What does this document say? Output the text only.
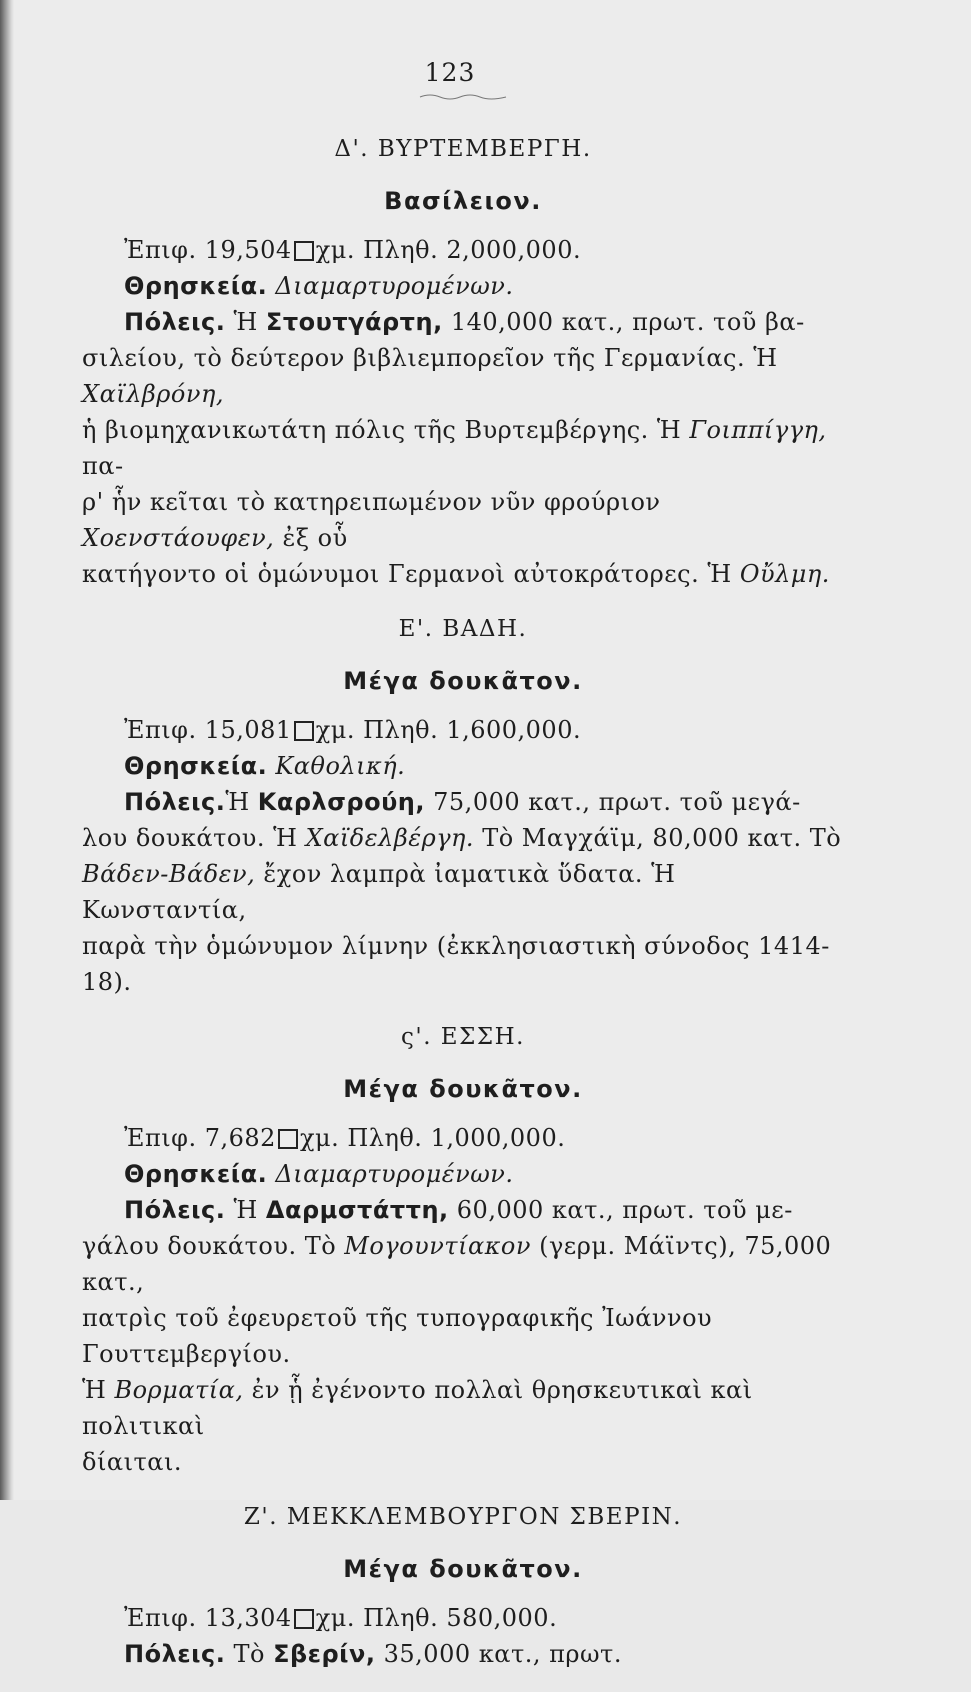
123
Δ'. ΒΥΡΤΕΜΒΕΡΓΗ.
Βασίλειον.

Ἐπιφ. 19,504 χμ. Πληθ. 2,000,000.

Θρησκεία. Διαμαρτυρομένων.

Πόλεις. Ἡ Στουτγάρτη, 140,000 κατ., πρωτ. τοῦ βα-

σιλείου, τὸ δεύτερον βιβλιεμπορεῖον τῆς Γερμανίας. Ἡ Χαϊλβρόνη,

ἡ βιομηχανικωτάτη πόλις τῆς Βυρτεμβέργης. Ἡ Γοιππίγγη, πα-

ρ' ἧν κεῖται τὸ κατηρειπωμένον νῦν φρούριον Χοενστάουφεν, ἐξ οὗ

κατήγοντο οἱ ὁμώνυμοι Γερμανοὶ αὐτοκράτορες. Ἡ Οὔλμη.

Ε'. ΒΑΔΗ.
Μέγα δουκᾶτον.

Ἐπιφ. 15,081 χμ. Πληθ. 1,600,000.

Θρησκεία. Καθολική.

Πόλεις.Ἡ Καρλσρούη, 75,000 κατ., πρωτ. τοῦ μεγά-

λου δουκάτου. Ἡ Χαϊδελβέργη. Τὸ Μαγχάϊμ, 80,000 κατ. Τὸ

Βάδεν-Βάδεν, ἔχον λαμπρὰ ἰαματικὰ ὕδατα. Ἡ Κωνσταντία,

παρὰ τὴν ὁμώνυμον λίμνην (ἐκκλησιαστικὴ σύνοδος 1414-18).

ς'. ΕΣΣΗ.
Μέγα δουκᾶτον.

Ἐπιφ. 7,682 χμ. Πληθ. 1,000,000.

Θρησκεία. Διαμαρτυρομένων.

Πόλεις. Ἡ Δαρμστάττη, 60,000 κατ., πρωτ. τοῦ με-

γάλου δουκάτου. Τὸ Μογουντίακον (γερμ. Μάϊντς), 75,000 κατ.,

πατρὶς τοῦ ἐφευρετοῦ τῆς τυπογραφικῆς Ἰωάννου Γουττεμβεργίου.

Ἡ Βορματία, ἐν ᾗ ἐγένοντο πολλαὶ θρησκευτικαὶ καὶ πολιτικαὶ

δίαιται.

Ζ'. ΜΕΚΚΛΕΜΒΟΥΡΓΟΝ ΣΒΕΡΙΝ.
Μέγα δουκᾶτον.

Ἐπιφ. 13,304 χμ. Πληθ. 580,000.

Πόλεις. Τὸ Σβερίν, 35,000 κατ., πρωτ.
